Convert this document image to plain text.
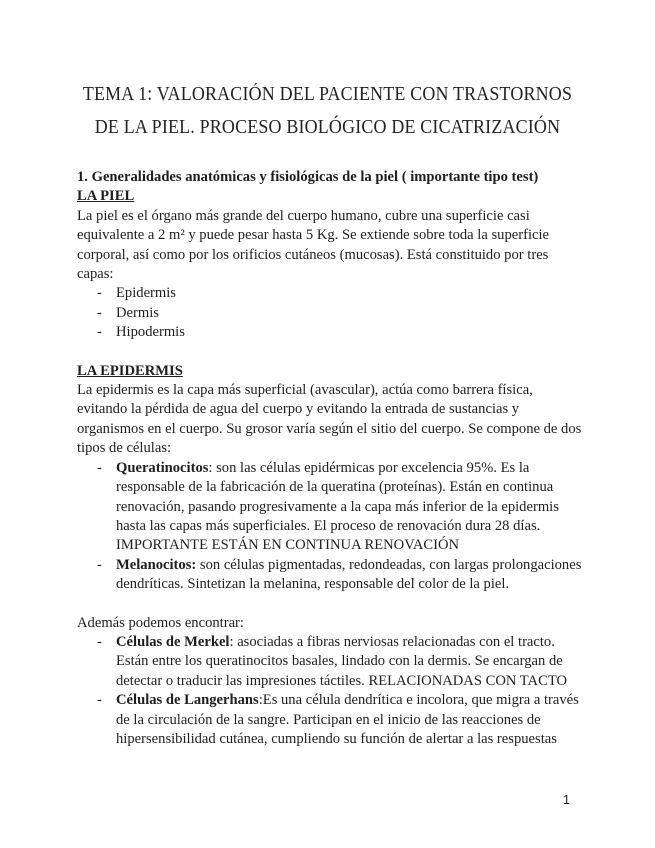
TEMA 1: VALORACIÓN DEL PACIENTE CON TRASTORNOS DE LA PIEL. PROCESO BIOLÓGICO DE CICATRIZACIÓN

1. Generalidades anatómicas y fisiológicas de la piel ( importante tipo test)

LA PIEL

La piel es el órgano más grande del cuerpo humano, cubre una superficie casi equivalente a 2 m² y puede pesar hasta 5 Kg. Se extiende sobre toda la superficie corporal, así como por los orificios cutáneos (mucosas). Está constituido por tres capas:

- Epidermis
- Dermis
- Hipodermis

LA EPIDERMIS

La epidermis es la capa más superficial (avascular), actúa como barrera física, evitando la pérdida de agua del cuerpo y evitando la entrada de sustancias y organismos en el cuerpo. Su grosor varía según el sitio del cuerpo. Se compone de dos tipos de células:

- Queratinocitos: son las células epidérmicas por excelencia 95%. Es la responsable de la fabricación de la queratina (proteínas). Están en continua renovación, pasando progresivamente a la capa más inferior de la epidermis hasta las capas más superficiales. El proceso de renovación dura 28 días. IMPORTANTE ESTÁN EN CONTINUA RENOVACIÓN
- Melanocitos: son células pigmentadas, redondeadas, con largas prolongaciones dendríticas. Sintetizan la melanina, responsable del color de la piel.

Además podemos encontrar:

- Células de Merkel: asociadas a fibras nerviosas relacionadas con el tracto. Están entre los queratinocitos basales, lindado con la dermis. Se encargan de detectar o traducir las impresiones táctiles. RELACIONADAS CON TACTO
- Células de Langerhans:Es una célula dendrítica e incolora, que migra a través de la circulación de la sangre. Participan en el inicio de las reacciones de hipersensibilidad cutánea, cumpliendo su función de alertar a las respuestas
1
